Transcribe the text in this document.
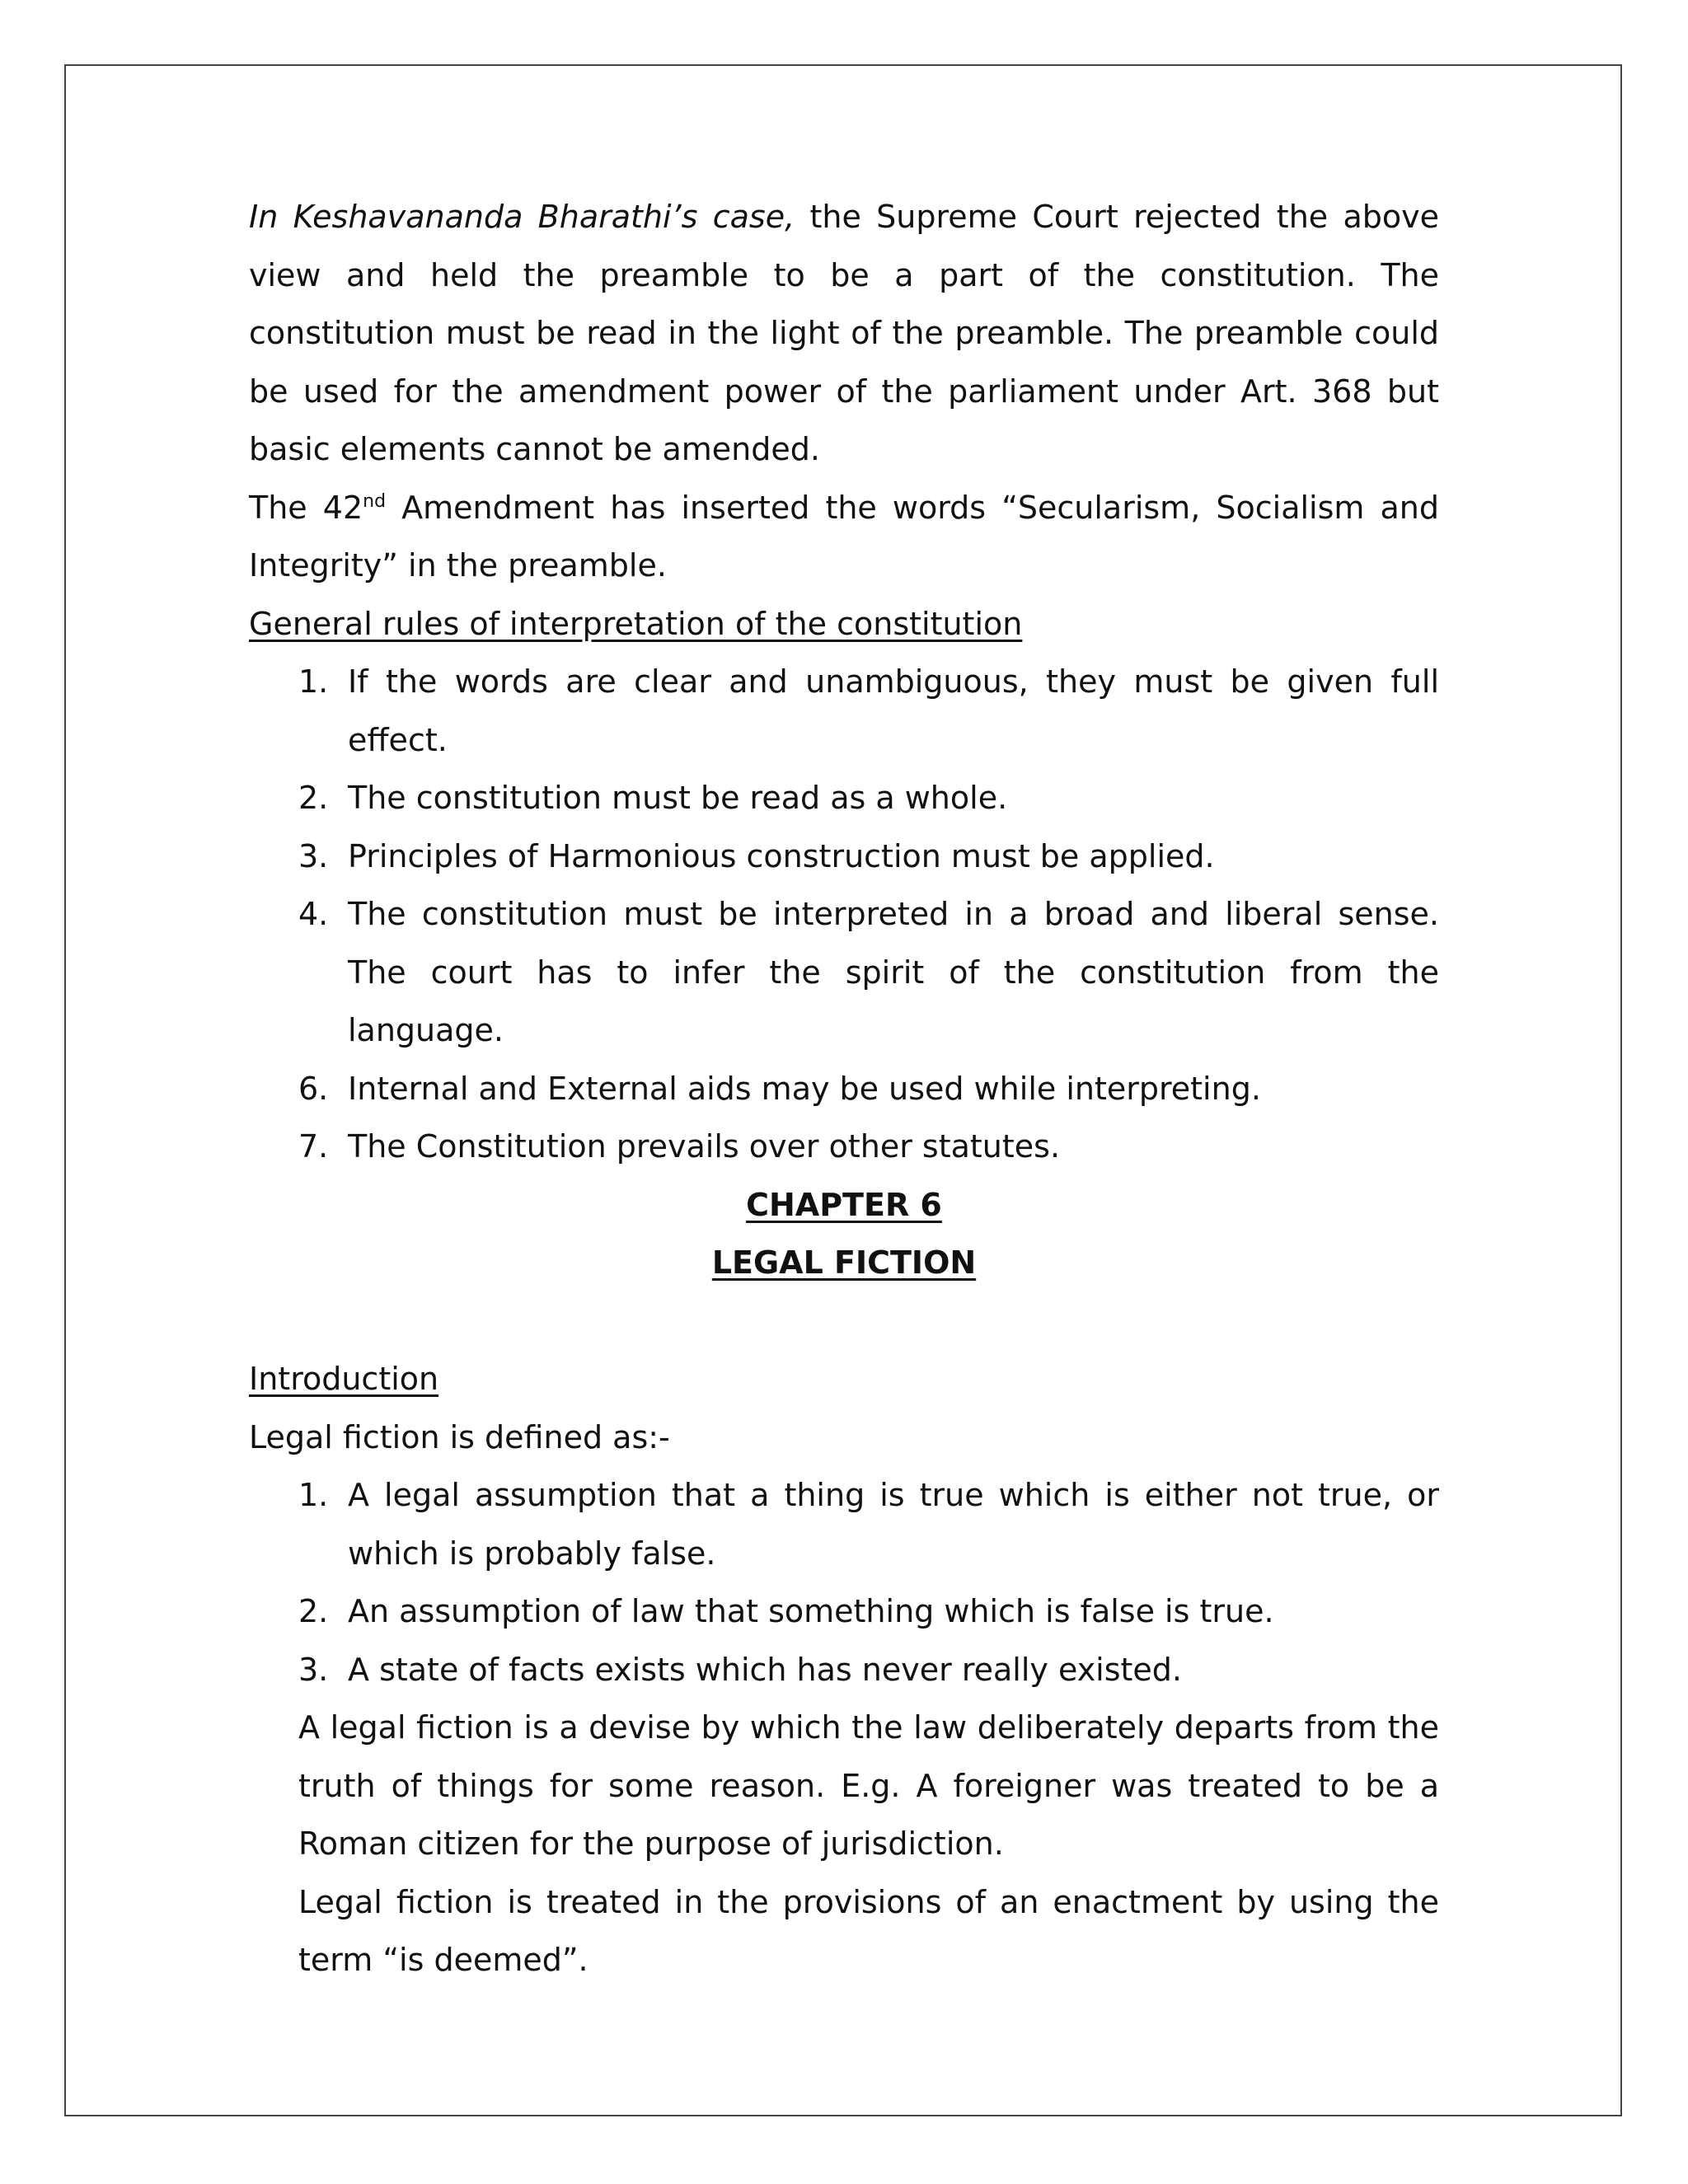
In Keshavananda Bharathi’s case, the Supreme Court rejected the above view and held the preamble to be a part of the constitution. The constitution must be read in the light of the preamble. The preamble could be used for the amendment power of the parliament under Art. 368 but basic elements cannot be amended.

The 42nd Amendment has inserted the words “Secularism, Socialism and Integrity” in the preamble.

General rules of interpretation of the constitution

1. If the words are clear and unambiguous, they must be given full effect.
2. The constitution must be read as a whole.
3. Principles of Harmonious construction must be applied.
4. The constitution must be interpreted in a broad and liberal sense. The court has to infer the spirit of the constitution from the language.
6. Internal and External aids may be used while interpreting.
7. The Constitution prevails over other statutes.

CHAPTER 6

LEGAL FICTION

Introduction

Legal fiction is defined as:-

1. A legal assumption that a thing is true which is either not true, or which is probably false.
2. An assumption of law that something which is false is true.
3. A state of facts exists which has never really existed.

A legal fiction is a devise by which the law deliberately departs from the truth of things for some reason. E.g. A foreigner was treated to be a Roman citizen for the purpose of jurisdiction.

Legal fiction is treated in the provisions of an enactment by using the term “is deemed”.
